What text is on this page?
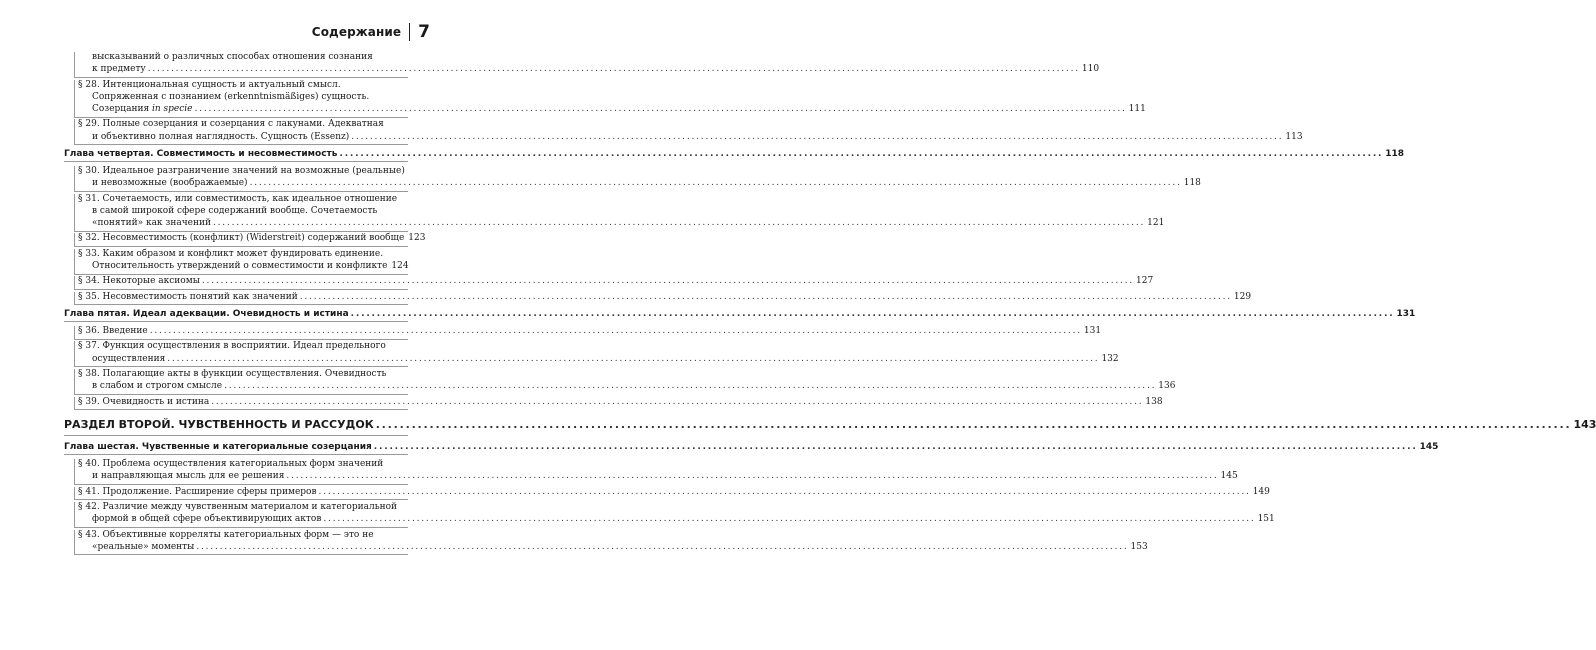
Содержание 7
высказываний о различных способах отношения сознания
к предмету ........................................................................................................................................................................................................ 110
§ 28. Интенциональная сущность и актуальный смысл.
Сопряженная с познанием (erkenntnismäßiges) сущность.
Созерцания in specie ........................................................................................................................................................................................................ 111
§ 29. Полные созерцания и созерцания с лакунами. Адекватная
и объективно полная наглядность. Сущность (Essenz) ........................................................................................................................................................................................................ 113
Глава четвертая. Совместимость и несовместимость ........................................................................................................................................................................................................ 118
§ 30. Идеальное разграничение значений на возможные (реальные)
и невозможные (воображаемые) ........................................................................................................................................................................................................ 118
§ 31. Сочетаемость, или совместимость, как идеальное отношение
в самой широкой сфере содержаний вообще. Сочетаемость
«понятий» как значений ........................................................................................................................................................................................................ 121
§ 32. Несовместимость (конфликт) (Widerstreit) содержаний вообще 123
§ 33. Каким образом и конфликт может фундировать единение.
Относительность утверждений о совместимости и конфликте 124
§ 34. Некоторые аксиомы ........................................................................................................................................................................................................ 127
§ 35. Несовместимость понятий как значений ........................................................................................................................................................................................................ 129
Глава пятая. Идеал адеквации. Очевидность и истина ........................................................................................................................................................................................................ 131
§ 36. Введение ........................................................................................................................................................................................................ 131
§ 37. Функция осуществления в восприятии. Идеал предельного
осуществления ........................................................................................................................................................................................................ 132
§ 38. Полагающие акты в функции осуществления. Очевидность
в слабом и строгом смысле ........................................................................................................................................................................................................ 136
§ 39. Очевидность и истина ........................................................................................................................................................................................................ 138
РАЗДЕЛ ВТОРОЙ. ЧУВСТВЕННОСТЬ И РАССУДОК ........................................................................................................................................................................................................ 143
Глава шестая. Чувственные и категориальные созерцания ........................................................................................................................................................................................................ 145
§ 40. Проблема осуществления категориальных форм значений
и направляющая мысль для ее решения ........................................................................................................................................................................................................ 145
§ 41. Продолжение. Расширение сферы примеров ........................................................................................................................................................................................................ 149
§ 42. Различие между чувственным материалом и категориальной
формой в общей сфере объективирующих актов ........................................................................................................................................................................................................ 151
§ 43. Объективные корреляты категориальных форм — это не
«реальные» моменты ........................................................................................................................................................................................................ 153
